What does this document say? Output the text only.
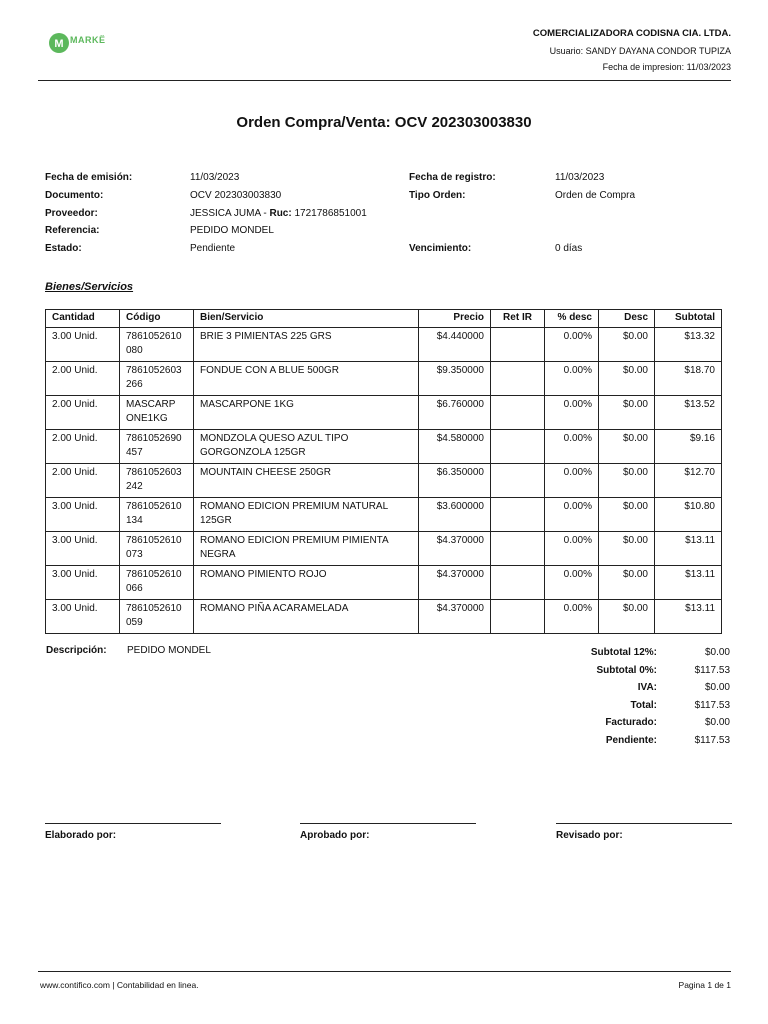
M MARKË
COMERCIALIZADORA CODISNA CIA. LTDA.
Usuario: SANDY DAYANA CONDOR TUPIZA
Fecha de impresion: 11/03/2023
Orden Compra/Venta: OCV 202303003830
Fecha de emisión:	11/03/2023	Fecha de registro:	11/03/2023
Documento:	OCV 202303003830	Tipo Orden:	Orden de Compra
Proveedor:	JESSICA JUMA - Ruc: 1721786851001
Referencia:	PEDIDO MONDEL
Estado:	Pendiente	Vencimiento:	0 días
Bienes/Servicios
Cantidad	Código	Bien/Servicio	Precio	Ret IR	% desc	Desc	Subtotal
3.00 Unid.	7861052610 080	BRIE 3 PIMIENTAS 225 GRS	$4.440000		0.00%	$0.00	$13.32
2.00 Unid.	7861052603 266	FONDUE CON A BLUE 500GR	$9.350000		0.00%	$0.00	$18.70
2.00 Unid.	MASCARP ONE1KG	MASCARPONE 1KG	$6.760000		0.00%	$0.00	$13.52
2.00 Unid.	7861052690 457	MONDZOLA QUESO AZUL TIPO GORGONZOLA 125GR	$4.580000		0.00%	$0.00	$9.16
2.00 Unid.	7861052603 242	MOUNTAIN CHEESE 250GR	$6.350000		0.00%	$0.00	$12.70
3.00 Unid.	7861052610 134	ROMANO EDICION PREMIUM NATURAL 125GR	$3.600000		0.00%	$0.00	$10.80
3.00 Unid.	7861052610 073	ROMANO EDICION PREMIUM PIMIENTA NEGRA	$4.370000		0.00%	$0.00	$13.11
3.00 Unid.	7861052610 066	ROMANO PIMIENTO ROJO	$4.370000		0.00%	$0.00	$13.11
3.00 Unid.	7861052610 059	ROMANO PIÑA ACARAMELADA	$4.370000		0.00%	$0.00	$13.11
Descripción: PEDIDO MONDEL	Subtotal 12%:	$0.00
Subtotal 0%:	$117.53
IVA:	$0.00
Total:	$117.53
Facturado:	$0.00
Pendiente:	$117.53
Elaborado por:	Aprobado por:	Revisado por:
www.contifico.com | Contabilidad en linea.	Pagina 1 de 1
